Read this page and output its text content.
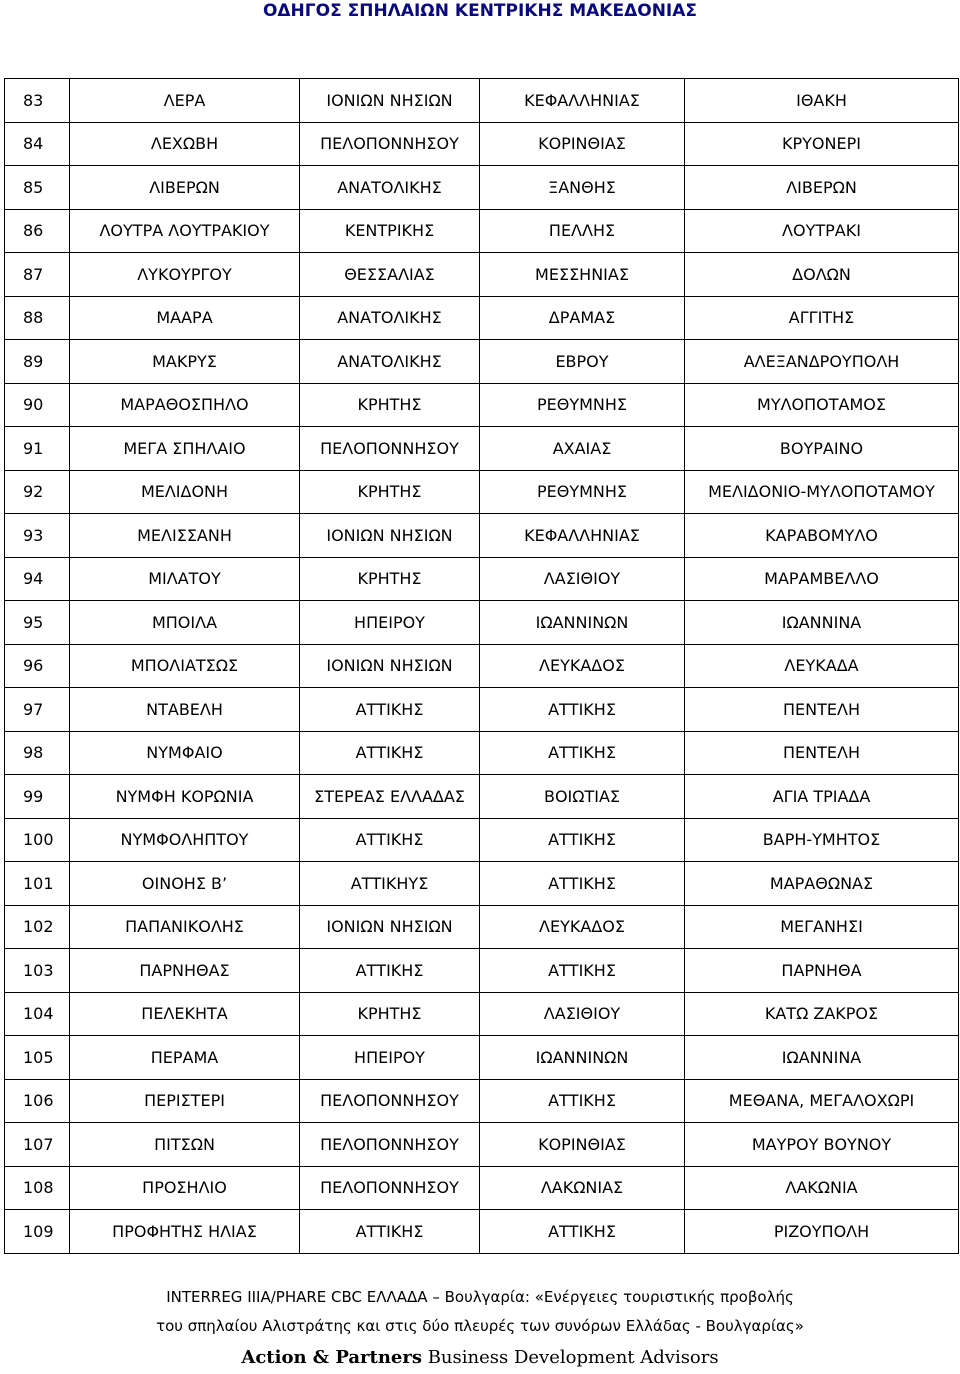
ΟΔΗΓΟΣ ΣΠΗΛΑΙΩΝ ΚΕΝΤΡΙΚΗΣ ΜΑΚΕΔΟΝΙΑΣ
83	ΛΕΡΑ	ΙΟΝΙΩΝ ΝΗΣΙΩΝ	ΚΕΦΑΛΛΗΝΙΑΣ	ΙΘΑΚΗ
84	ΛΕΧΩΒΗ	ΠΕΛΟΠΟΝΝΗΣΟΥ	ΚΟΡΙΝΘΙΑΣ	ΚΡΥΟΝΕΡΙ
85	ΛΙΒΕΡΩΝ	ΑΝΑΤΟΛΙΚΗΣ	ΞΑΝΘΗΣ	ΛΙΒΕΡΩΝ
86	ΛΟΥΤΡΑ ΛΟΥΤΡΑΚΙΟΥ	ΚΕΝΤΡΙΚΗΣ	ΠΕΛΛΗΣ	ΛΟΥΤΡΑΚΙ
87	ΛΥΚΟΥΡΓΟΥ	ΘΕΣΣΑΛΙΑΣ	ΜΕΣΣΗΝΙΑΣ	ΔΟΛΩΝ
88	ΜΑΑΡΑ	ΑΝΑΤΟΛΙΚΗΣ	ΔΡΑΜΑΣ	ΑΓΓΙΤΗΣ
89	ΜΑΚΡΥΣ	ΑΝΑΤΟΛΙΚΗΣ	ΕΒΡΟΥ	ΑΛΕΞΑΝΔΡΟΥΠΟΛΗ
90	ΜΑΡΑΘΟΣΠΗΛΟ	ΚΡΗΤΗΣ	ΡΕΘΥΜΝΗΣ	ΜΥΛΟΠΟΤΑΜΟΣ
91	ΜΕΓΑ ΣΠΗΛΑΙΟ	ΠΕΛΟΠΟΝΝΗΣΟΥ	ΑΧΑΙΑΣ	ΒΟΥΡΑΙΝΟ
92	ΜΕΛΙΔΟΝΗ	ΚΡΗΤΗΣ	ΡΕΘΥΜΝΗΣ	ΜΕΛΙΔΟΝΙΟ-ΜΥΛΟΠΟΤΑΜΟΥ
93	ΜΕΛΙΣΣΑΝΗ	ΙΟΝΙΩΝ ΝΗΣΙΩΝ	ΚΕΦΑΛΛΗΝΙΑΣ	ΚΑΡΑΒΟΜΥΛΟ
94	ΜΙΛΑΤΟΥ	ΚΡΗΤΗΣ	ΛΑΣΙΘΙΟΥ	ΜΑΡΑΜΒΕΛΛΟ
95	ΜΠΟΙΛΑ	ΗΠΕΙΡΟΥ	ΙΩΑΝΝΙΝΩΝ	ΙΩΑΝΝΙΝΑ
96	ΜΠΟΛΙΑΤΣΩΣ	ΙΟΝΙΩΝ ΝΗΣΙΩΝ	ΛΕΥΚΑΔΟΣ	ΛΕΥΚΑΔΑ
97	ΝΤΑΒΕΛΗ	ΑΤΤΙΚΗΣ	ΑΤΤΙΚΗΣ	ΠΕΝΤΕΛΗ
98	ΝΥΜΦΑΙΟ	ΑΤΤΙΚΗΣ	ΑΤΤΙΚΗΣ	ΠΕΝΤΕΛΗ
99	ΝΥΜΦΗ ΚΟΡΩΝΙΑ	ΣΤΕΡΕΑΣ ΕΛΛΑΔΑΣ	ΒΟΙΩΤΙΑΣ	ΑΓΙΑ ΤΡΙΑΔΑ
100	ΝΥΜΦΟΛΗΠΤΟΥ	ΑΤΤΙΚΗΣ	ΑΤΤΙΚΗΣ	ΒΑΡΗ-ΥΜΗΤΟΣ
101	ΟΙΝΟΗΣ Β’	ΑΤΤΙΚΗΥΣ	ΑΤΤΙΚΗΣ	ΜΑΡΑΘΩΝΑΣ
102	ΠΑΠΑΝΙΚΟΛΗΣ	ΙΟΝΙΩΝ ΝΗΣΙΩΝ	ΛΕΥΚΑΔΟΣ	ΜΕΓΑΝΗΣΙ
103	ΠΑΡΝΗΘΑΣ	ΑΤΤΙΚΗΣ	ΑΤΤΙΚΗΣ	ΠΑΡΝΗΘΑ
104	ΠΕΛΕΚΗΤΑ	ΚΡΗΤΗΣ	ΛΑΣΙΘΙΟΥ	ΚΑΤΩ ΖΑΚΡΟΣ
105	ΠΕΡΑΜΑ	ΗΠΕΙΡΟΥ	ΙΩΑΝΝΙΝΩΝ	ΙΩΑΝΝΙΝΑ
106	ΠΕΡΙΣΤΕΡΙ	ΠΕΛΟΠΟΝΝΗΣΟΥ	ΑΤΤΙΚΗΣ	ΜΕΘΑΝΑ, ΜΕΓΑΛΟΧΩΡΙ
107	ΠΙΤΣΩΝ	ΠΕΛΟΠΟΝΝΗΣΟΥ	ΚΟΡΙΝΘΙΑΣ	ΜΑΥΡΟΥ ΒΟΥΝΟΥ
108	ΠΡΟΣΗΛΙΟ	ΠΕΛΟΠΟΝΝΗΣΟΥ	ΛΑΚΩΝΙΑΣ	ΛΑΚΩΝΙΑ
109	ΠΡΟΦΗΤΗΣ ΗΛΙΑΣ	ΑΤΤΙΚΗΣ	ΑΤΤΙΚΗΣ	ΡΙΖΟΥΠΟΛΗ
INTERREG IIIA/PHARE CBC ΕΛΛΑΔΑ – Βουλγαρία: «Ενέργειες τουριστικής προβολής
του σπηλαίου Αλιστράτης και στις δύο πλευρές των συνόρων Ελλάδας - Βουλγαρίας»
Action & Partners Business Development Advisors
